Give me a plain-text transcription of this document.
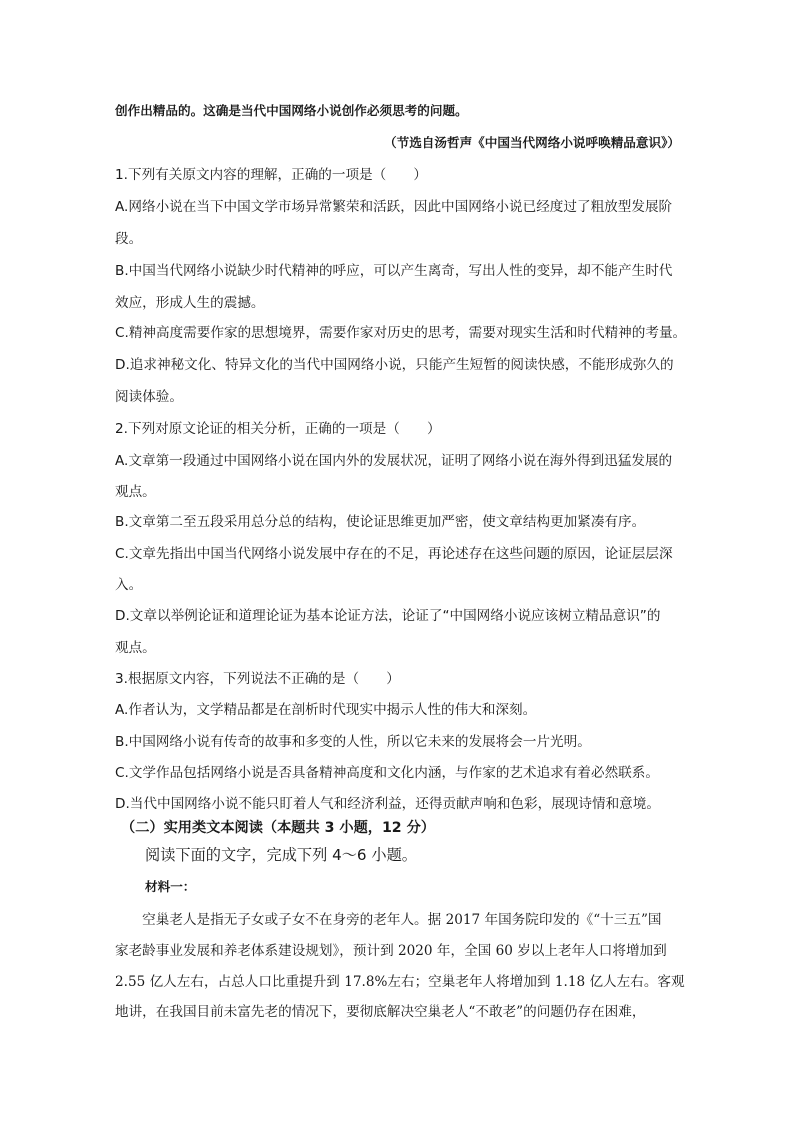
创作出精品的。这确是当代中国网络小说创作必须思考的问题。
（节选自汤哲声《中国当代网络小说呼唤精品意识》）
1.下列有关原文内容的理解，正确的一项是（　　）
A.网络小说在当下中国文学市场异常繁荣和活跃，因此中国网络小说已经度过了粗放型发展阶
段。
B.中国当代网络小说缺少时代精神的呼应，可以产生离奇，写出人性的变异，却不能产生时代
效应，形成人生的震撼。
C.精神高度需要作家的思想境界，需要作家对历史的思考，需要对现实生活和时代精神的考量。
D.追求神秘文化、特异文化的当代中国网络小说，只能产生短暂的阅读快感，不能形成弥久的
阅读体验。
2.下列对原文论证的相关分析，正确的一项是（　　）
A.文章第一段通过中国网络小说在国内外的发展状况，证明了网络小说在海外得到迅猛发展的
观点。
B.文章第二至五段采用总分总的结构，使论证思维更加严密，使文章结构更加紧凑有序。
C.文章先指出中国当代网络小说发展中存在的不足，再论述存在这些问题的原因，论证层层深
入。
D.文章以举例论证和道理论证为基本论证方法，论证了“中国网络小说应该树立精品意识”的
观点。
3.根据原文内容，下列说法不正确的是（　　）
A.作者认为，文学精品都是在剖析时代现实中揭示人性的伟大和深刻。
B.中国网络小说有传奇的故事和多变的人性，所以它未来的发展将会一片光明。
C.文学作品包括网络小说是否具备精神高度和文化内涵，与作家的艺术追求有着必然联系。
D.当代中国网络小说不能只盯着人气和经济利益，还得贡献声响和色彩，展现诗情和意境。
（二）实用类文本阅读（本题共 3 小题，12 分）
阅读下面的文字，完成下列 4～6 小题。
材料一：
　　空巢老人是指无子女或子女不在身旁的老年人。据 2017 年国务院印发的《“十三五”国
家老龄事业发展和养老体系建设规划》，预计到 2020 年，全国 60 岁以上老年人口将增加到
2.55 亿人左右，占总人口比重提升到 17.8%左右；空巢老年人将增加到 1.18 亿人左右。客观
地讲，在我国目前未富先老的情况下，要彻底解决空巢老人“不敢老”的问题仍存在困难，
